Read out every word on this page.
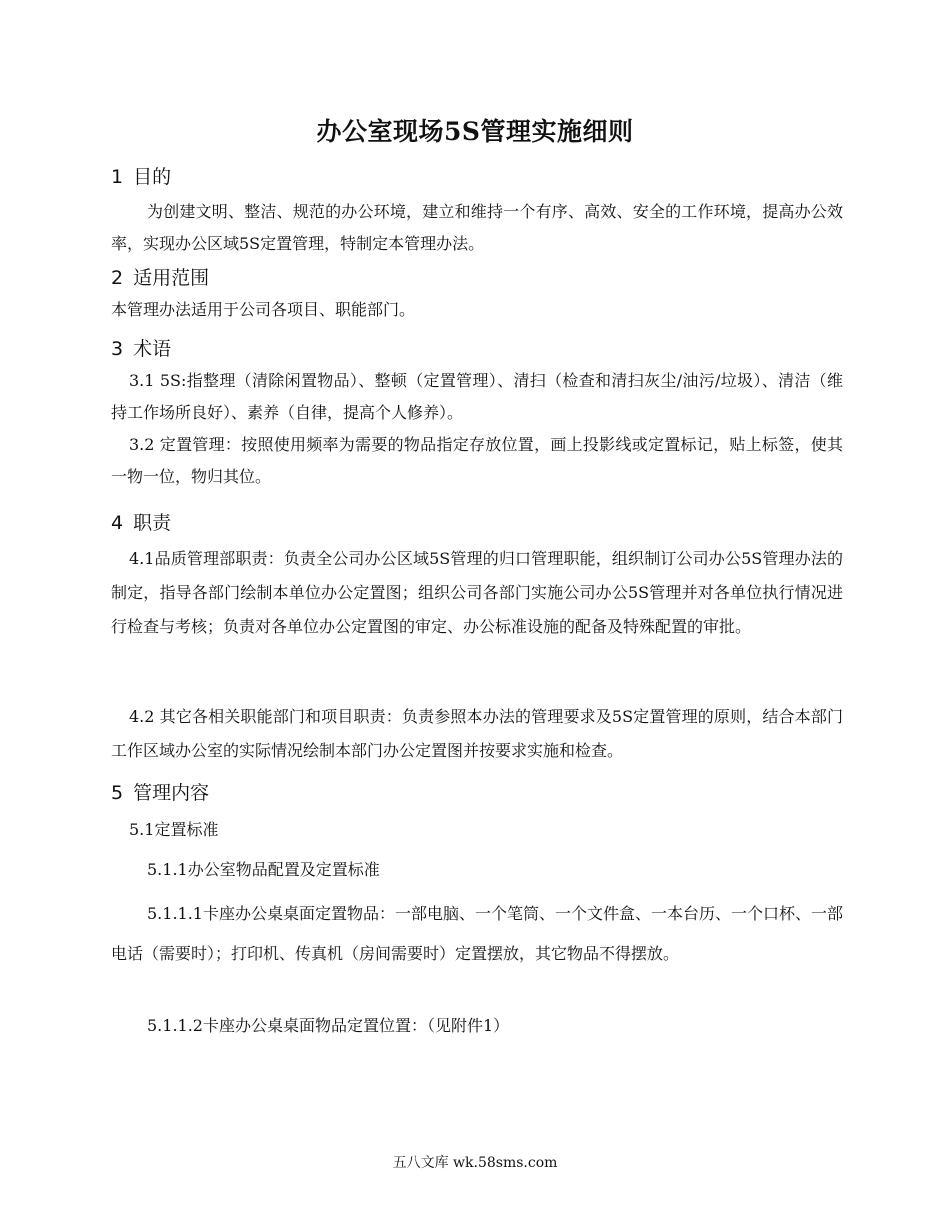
办公室现场5S管理实施细则
1 目的
为创建文明、整洁、规范的办公环境，建立和维持一个有序、高效、安全的工作环境，提高办公效率，实现办公区域5S定置管理，特制定本管理办法。
2 适用范围
本管理办法适用于公司各项目、职能部门。
3 术语
3.1 5S:指整理（清除闲置物品）、整顿（定置管理）、清扫（检查和清扫灰尘/油污/垃圾）、清洁（维持工作场所良好）、素养（自律，提高个人修养）。
3.2 定置管理：按照使用频率为需要的物品指定存放位置，画上投影线或定置标记，贴上标签，使其一物一位，物归其位。
4 职责
4.1品质管理部职责：负责全公司办公区域5S管理的归口管理职能，组织制订公司办公5S管理办法的制定，指导各部门绘制本单位办公定置图；组织公司各部门实施公司办公5S管理并对各单位执行情况进行检查与考核；负责对各单位办公定置图的审定、办公标准设施的配备及特殊配置的审批。
4.2 其它各相关职能部门和项目职责：负责参照本办法的管理要求及5S定置管理的原则，结合本部门工作区域办公室的实际情况绘制本部门办公定置图并按要求实施和检查。
5 管理内容
5.1定置标准
5.1.1办公室物品配置及定置标准
5.1.1.1卡座办公桌桌面定置物品：一部电脑、一个笔筒、一个文件盒、一本台历、一个口杯、一部电话（需要时）；打印机、传真机（房间需要时）定置摆放，其它物品不得摆放。
5.1.1.2卡座办公桌桌面物品定置位置：（见附件1）
五八文库 wk.58sms.com
